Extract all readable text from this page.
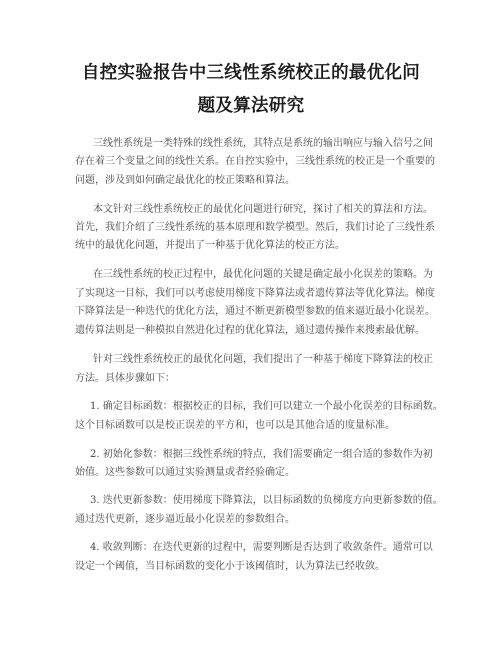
自控实验报告中三线性系统校正的最优化问
题及算法研究
三线性系统是一类特殊的线性系统，其特点是系统的输出响应与输入信号之间
存在着三个变量之间的线性关系。在自控实验中，三线性系统的校正是一个重要的
问题，涉及到如何确定最优化的校正策略和算法。
本文针对三线性系统校正的最优化问题进行研究，探讨了相关的算法和方法。
首先，我们介绍了三线性系统的基本原理和数学模型。然后，我们讨论了三线性系
统中的最优化问题，并提出了一种基于优化算法的校正方法。
在三线性系统的校正过程中，最优化问题的关键是确定最小化误差的策略。为
了实现这一目标，我们可以考虑使用梯度下降算法或者遗传算法等优化算法。梯度
下降算法是一种迭代的优化方法，通过不断更新模型参数的值来逼近最小化误差。
遗传算法则是一种模拟自然进化过程的优化算法，通过遗传操作来搜索最优解。
针对三线性系统校正的最优化问题，我们提出了一种基于梯度下降算法的校正
方法。具体步骤如下：
1. 确定目标函数：根据校正的目标，我们可以建立一个最小化误差的目标函数。
这个目标函数可以是校正误差的平方和，也可以是其他合适的度量标准。
2. 初始化参数：根据三线性系统的特点，我们需要确定一组合适的参数作为初
始值。这些参数可以通过实验测量或者经验确定。
3. 迭代更新参数：使用梯度下降算法，以目标函数的负梯度方向更新参数的值。
通过迭代更新，逐步逼近最小化误差的参数组合。
4. 收敛判断：在迭代更新的过程中，需要判断是否达到了收敛条件。通常可以
设定一个阈值，当目标函数的变化小于该阈值时，认为算法已经收敛。
